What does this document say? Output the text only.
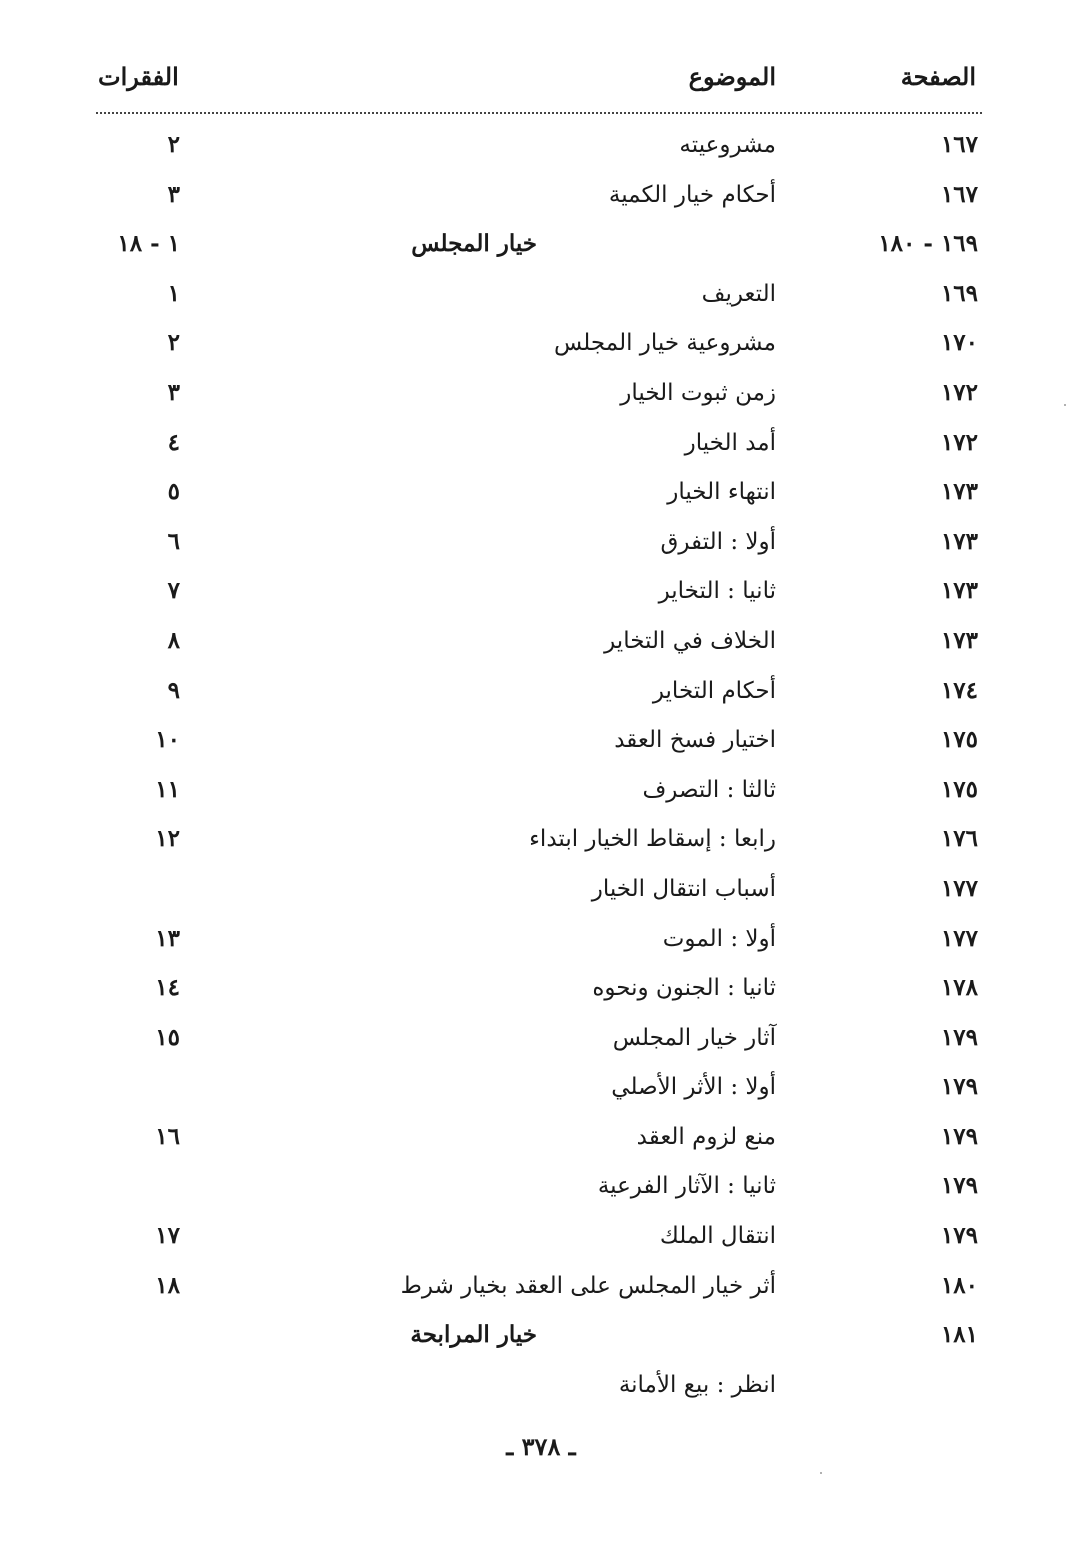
الصفحة
الموضوع
الفقرات
١٦٧
مشروعيته
٢
١٦٧
أحكام خيار الكمية
٣
١٦٩ - ١٨٠
خيار المجلس
١ - ١٨
١٦٩
التعريف
١
١٧٠
مشروعية خيار المجلس
٢
١٧٢
زمن ثبوت الخيار
٣
١٧٢
أمد الخيار
٤
١٧٣
انتهاء الخيار
٥
١٧٣
أولا : التفرق
٦
١٧٣
ثانيا : التخاير
٧
١٧٣
الخلاف في التخاير
٨
١٧٤
أحكام التخاير
٩
١٧٥
اختيار فسخ العقد
١٠
١٧٥
ثالثا : التصرف
١١
١٧٦
رابعا : إسقاط الخيار ابتداء
١٢
١٧٧
أسباب انتقال الخيار
١٧٧
أولا : الموت
١٣
١٧٨
ثانيا : الجنون ونحوه
١٤
١٧٩
آثار خيار المجلس
١٥
١٧٩
أولا : الأثر الأصلي
١٧٩
منع لزوم العقد
١٦
١٧٩
ثانيا : الآثار الفرعية
١٧٩
انتقال الملك
١٧
١٨٠
أثر خيار المجلس على العقد بخيار شرط
١٨
١٨١
خيار المرابحة
انظر : بيع الأمانة
ـ ٣٧٨ ـ
